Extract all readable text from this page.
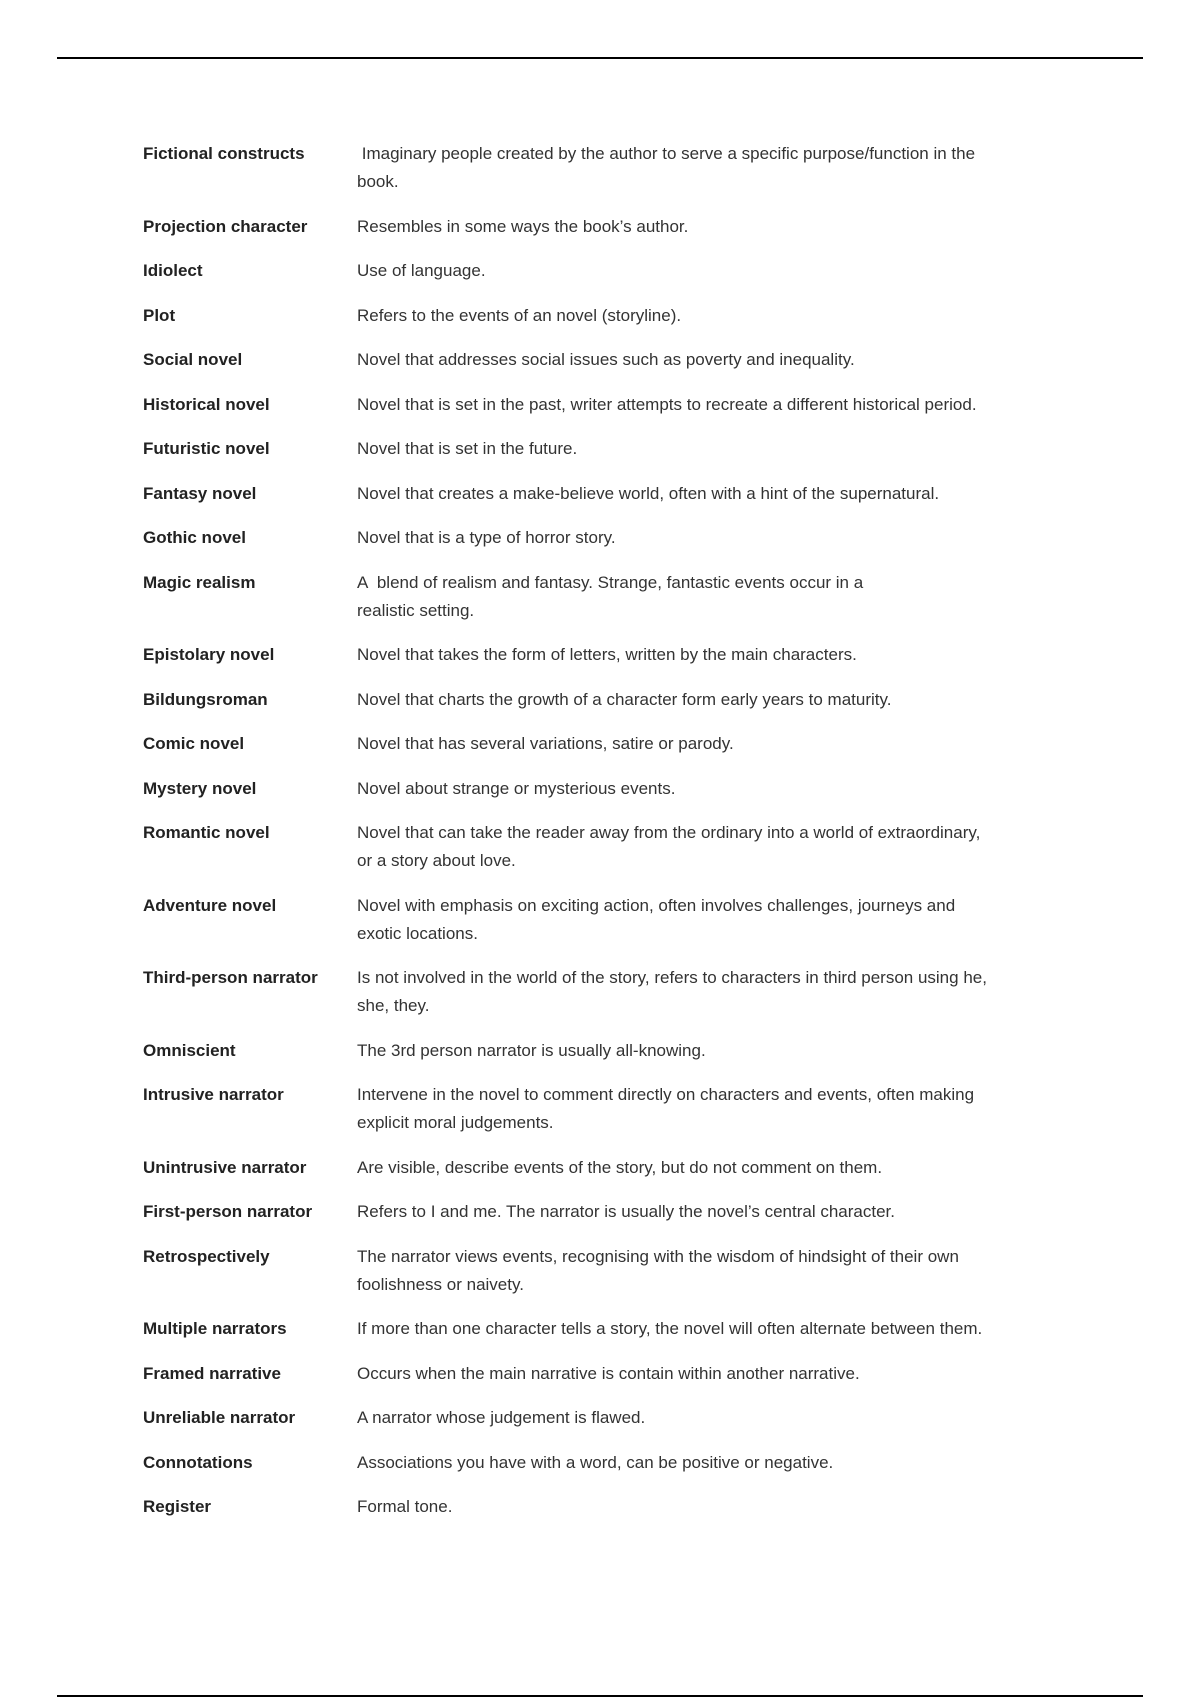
Fictional constructs	Imaginary people created by the author to serve a specific purpose/function in the
book.
Projection character	Resembles in some ways the book’s author.
Idiolect	Use of language.
Plot	Refers to the events of an novel (storyline).
Social novel	Novel that addresses social issues such as poverty and inequality.
Historical novel	Novel that is set in the past, writer attempts to recreate a different historical period.
Futuristic novel	Novel that is set in the future.
Fantasy novel	Novel that creates a make-believe world, often with a hint of the supernatural.
Gothic novel	Novel that is a type of horror story.
Magic realism	A  blend of realism and fantasy. Strange, fantastic events occur in a
realistic setting.
Epistolary novel	Novel that takes the form of letters, written by the main characters.
Bildungsroman	Novel that charts the growth of a character form early years to maturity.
Comic novel	Novel that has several variations, satire or parody.
Mystery novel	Novel about strange or mysterious events.
Romantic novel	Novel that can take the reader away from the ordinary into a world of extraordinary,
or a story about love.
Adventure novel	Novel with emphasis on exciting action, often involves challenges, journeys and
exotic locations.
Third-person narrator	Is not involved in the world of the story, refers to characters in third person using he,
she, they.
Omniscient	The 3rd person narrator is usually all-knowing.
Intrusive narrator	Intervene in the novel to comment directly on characters and events, often making
explicit moral judgements.
Unintrusive narrator	Are visible, describe events of the story, but do not comment on them.
First-person narrator	Refers to I and me. The narrator is usually the novel’s central character.
Retrospectively	The narrator views events, recognising with the wisdom of hindsight of their own
foolishness or naivety.
Multiple narrators	If more than one character tells a story, the novel will often alternate between them.
Framed narrative	Occurs when the main narrative is contain within another narrative.
Unreliable narrator	A narrator whose judgement is flawed.
Connotations	Associations you have with a word, can be positive or negative.
Register	Formal tone.
